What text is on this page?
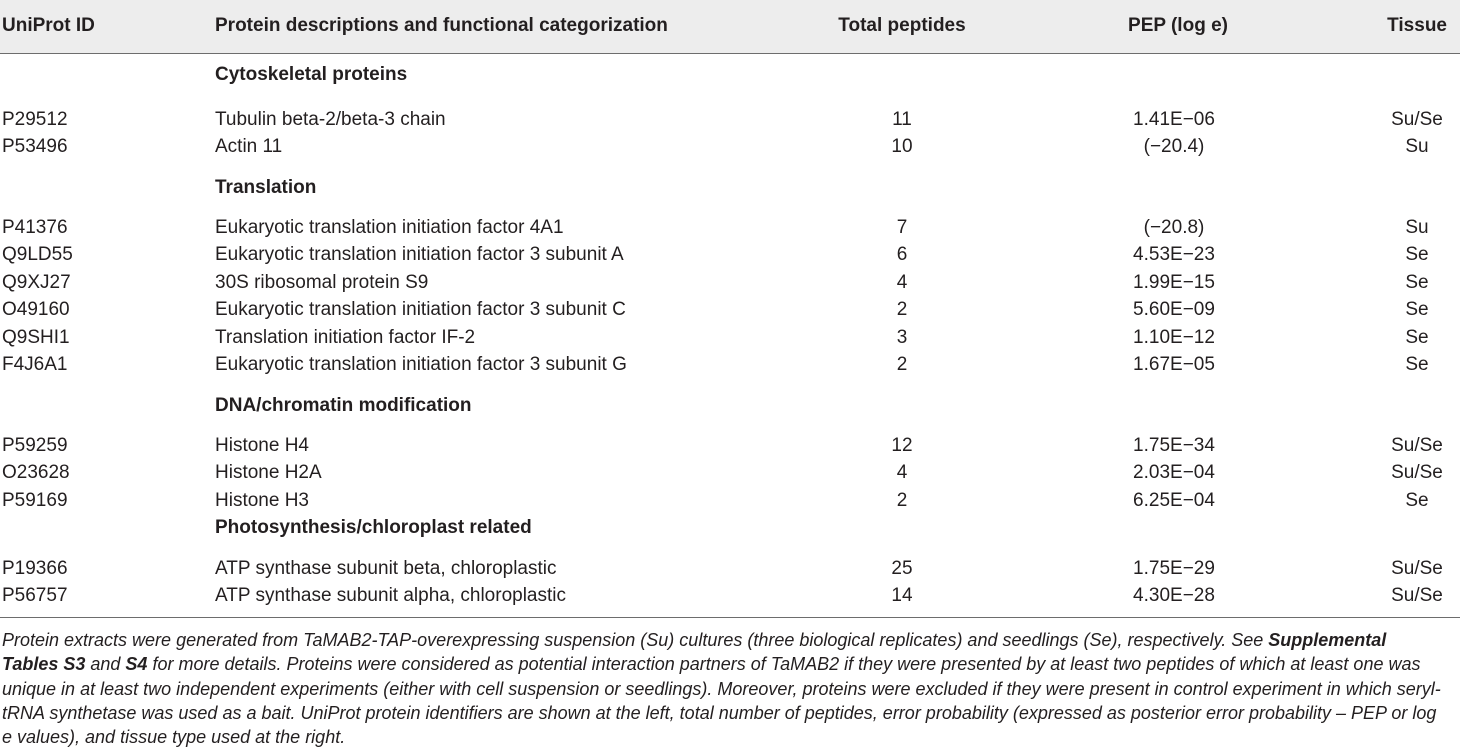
UniProt ID	Protein descriptions and functional categorization	Total peptides	PEP (log e)	Tissue
Cytoskeletal proteins
P29512	Tubulin beta-2/beta-3 chain	11	1.41E−06	Su/Se
P53496	Actin 11	10	(−20.4)	Su
Translation
P41376	Eukaryotic translation initiation factor 4A1	7	(−20.8)	Su
Q9LD55	Eukaryotic translation initiation factor 3 subunit A	6	4.53E−23	Se
Q9XJ27	30S ribosomal protein S9	4	1.99E−15	Se
O49160	Eukaryotic translation initiation factor 3 subunit C	2	5.60E−09	Se
Q9SHI1	Translation initiation factor IF-2	3	1.10E−12	Se
F4J6A1	Eukaryotic translation initiation factor 3 subunit G	2	1.67E−05	Se
DNA/chromatin modification
P59259	Histone H4	12	1.75E−34	Su/Se
O23628	Histone H2A	4	2.03E−04	Su/Se
P59169	Histone H3	2	6.25E−04	Se
Photosynthesis/chloroplast related
P19366	ATP synthase subunit beta, chloroplastic	25	1.75E−29	Su/Se
P56757	ATP synthase subunit alpha, chloroplastic	14	4.30E−28	Su/Se
Protein extracts were generated from TaMAB2-TAP-overexpressing suspension (Su) cultures (three biological replicates) and seedlings (Se), respectively. See Supplemental Tables S3 and S4 for more details. Proteins were considered as potential interaction partners of TaMAB2 if they were presented by at least two peptides of which at least one was unique in at least two independent experiments (either with cell suspension or seedlings). Moreover, proteins were excluded if they were present in control experiment in which seryl-tRNA synthetase was used as a bait. UniProt protein identifiers are shown at the left, total number of peptides, error probability (expressed as posterior error probability – PEP or log e values), and tissue type used at the right.
